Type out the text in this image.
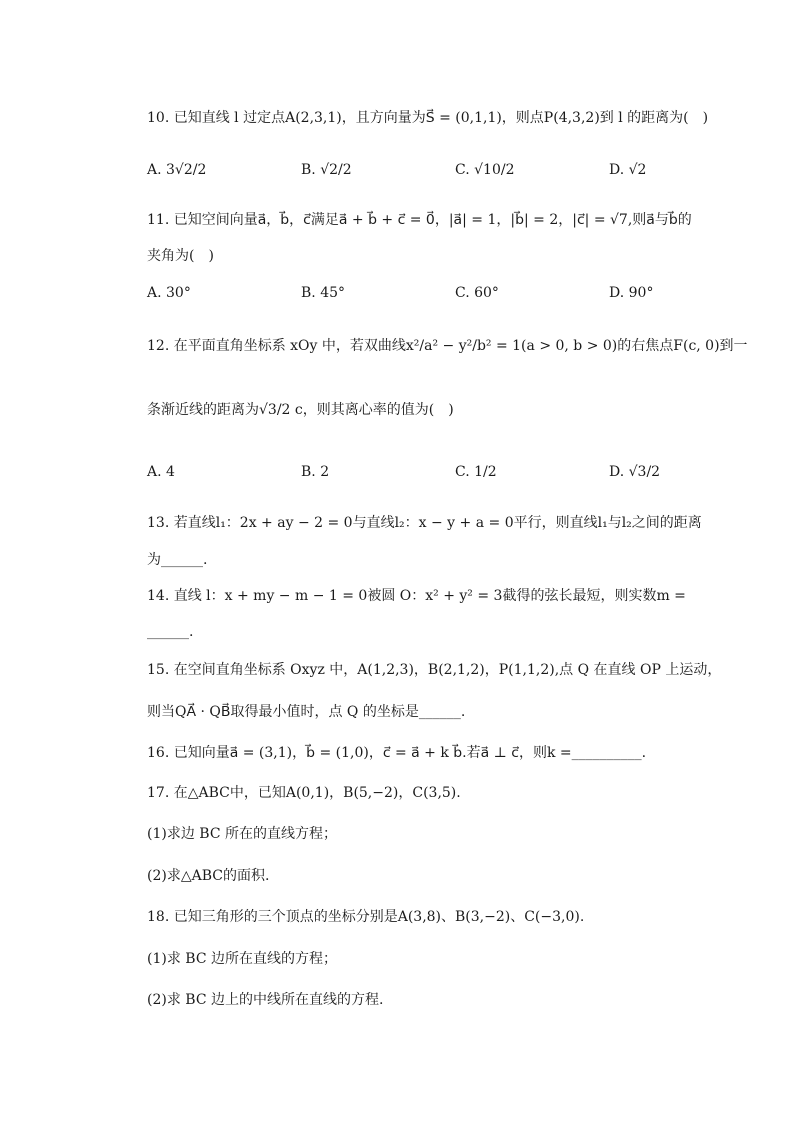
10. 已知直线 l 过定点A(2,3,1)，且方向量为S⃗ = (0,1,1)，则点P(4,3,2)到 l 的距离为(　)
A. 3√2/2	B. √2/2	C. √10/2	D. √2
11. 已知空间向量a⃗，b⃗，c⃗满足a⃗ + b⃗ + c⃗ = 0⃗，|a⃗| = 1，|b⃗| = 2，|c⃗| = √7,则a⃗与b⃗的
夹角为(　)
A. 30°	B. 45°	C. 60°	D. 90°
12. 在平面直角坐标系 xOy 中，若双曲线x²/a² − y²/b² = 1(a > 0, b > 0)的右焦点F(c, 0)到一
条渐近线的距离为√3/2 c，则其离心率的值为(　)
A. 4	B. 2	C. 1/2	D. √3/2
13. 若直线l₁：2x + ay − 2 = 0与直线l₂：x − y + a = 0平行，则直线l₁与l₂之间的距离
为______.
14. 直线 l：x + my − m − 1 = 0被圆 O：x² + y² = 3截得的弦长最短，则实数m =
______.
15. 在空间直角坐标系 Oxyz 中，A(1,2,3)，B(2,1,2)，P(1,1,2),点 Q 在直线 OP 上运动，
则当QA⃗ · QB⃗取得最小值时，点 Q 的坐标是______.
16. 已知向量a⃗ = (3,1)，b⃗ = (1,0)，c⃗ = a⃗ + k b⃗.若a⃗ ⊥ c⃗，则k =__________.
17. 在△ABC中，已知A(0,1)，B(5,−2)，C(3,5).
(1)求边 BC 所在的直线方程；
(2)求△ABC的面积.
18. 已知三角形的三个顶点的坐标分别是A(3,8)、B(3,−2)、C(−3,0).
(1)求 BC 边所在直线的方程；
(2)求 BC 边上的中线所在直线的方程.
